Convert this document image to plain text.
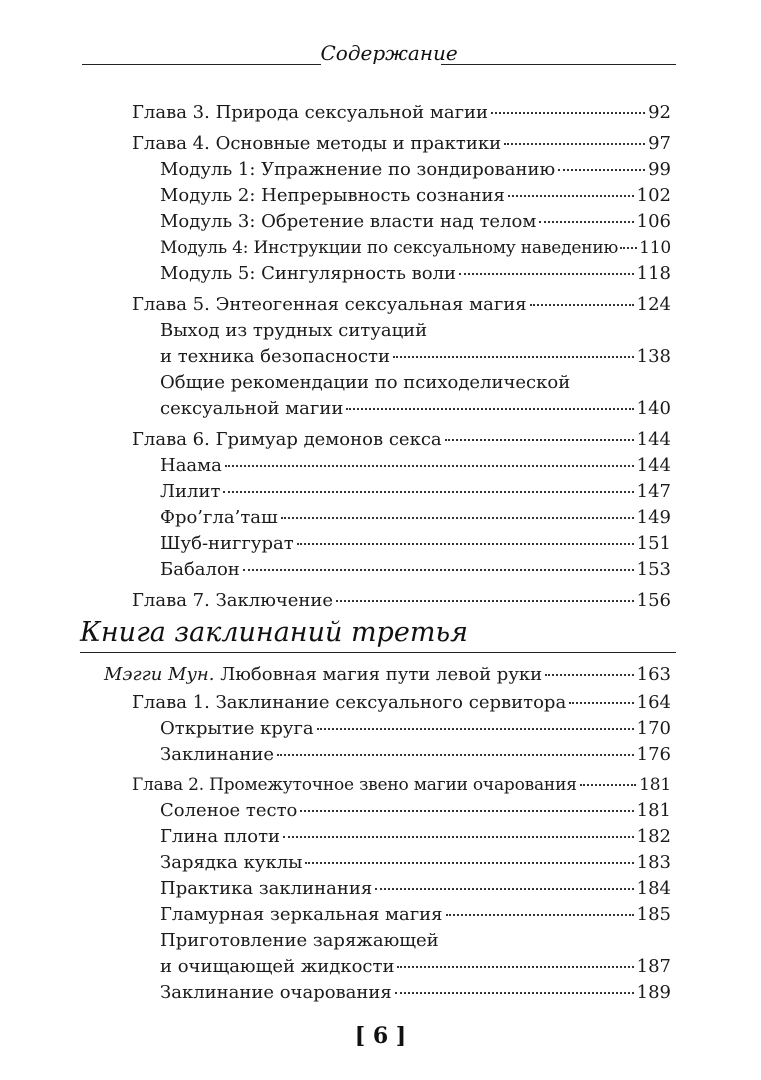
Содержание
Глава 3. Природа сексуальной магии	92
Глава 4. Основные методы и практики	97
Модуль 1: Упражнение по зондированию	99
Модуль 2: Непрерывность сознания	102
Модуль 3: Обретение власти над телом	106
Модуль 4: Инструкции по сексуальному наведению 110
Модуль 5: Сингулярность воли	118
Глава 5. Энтеогенная сексуальная магия	124
Выход из трудных ситуаций
и техника безопасности	138
Общие рекомендации по психоделической
сексуальной магии	140
Глава 6. Гримуар демонов секса	144
Наама	144
Лилит	147
Фро’гла’таш	149
Шуб-ниггурат	151
Бабалон	153
Глава 7. Заключение	156
Книга заклинаний третья
Мэгги Мун. Любовная магия пути левой руки	163
Глава 1. Заклинание сексуального сервитора	164
Открытие круга	170
Заклинание	176
Глава 2. Промежуточное звено магии очарования	181
Соленое тесто	181
Глина плоти	182
Зарядка куклы	183
Практика заклинания	184
Гламурная зеркальная магия	185
Приготовление заряжающей
и очищающей жидкости	187
Заклинание очарования	189
[ 6 ]
